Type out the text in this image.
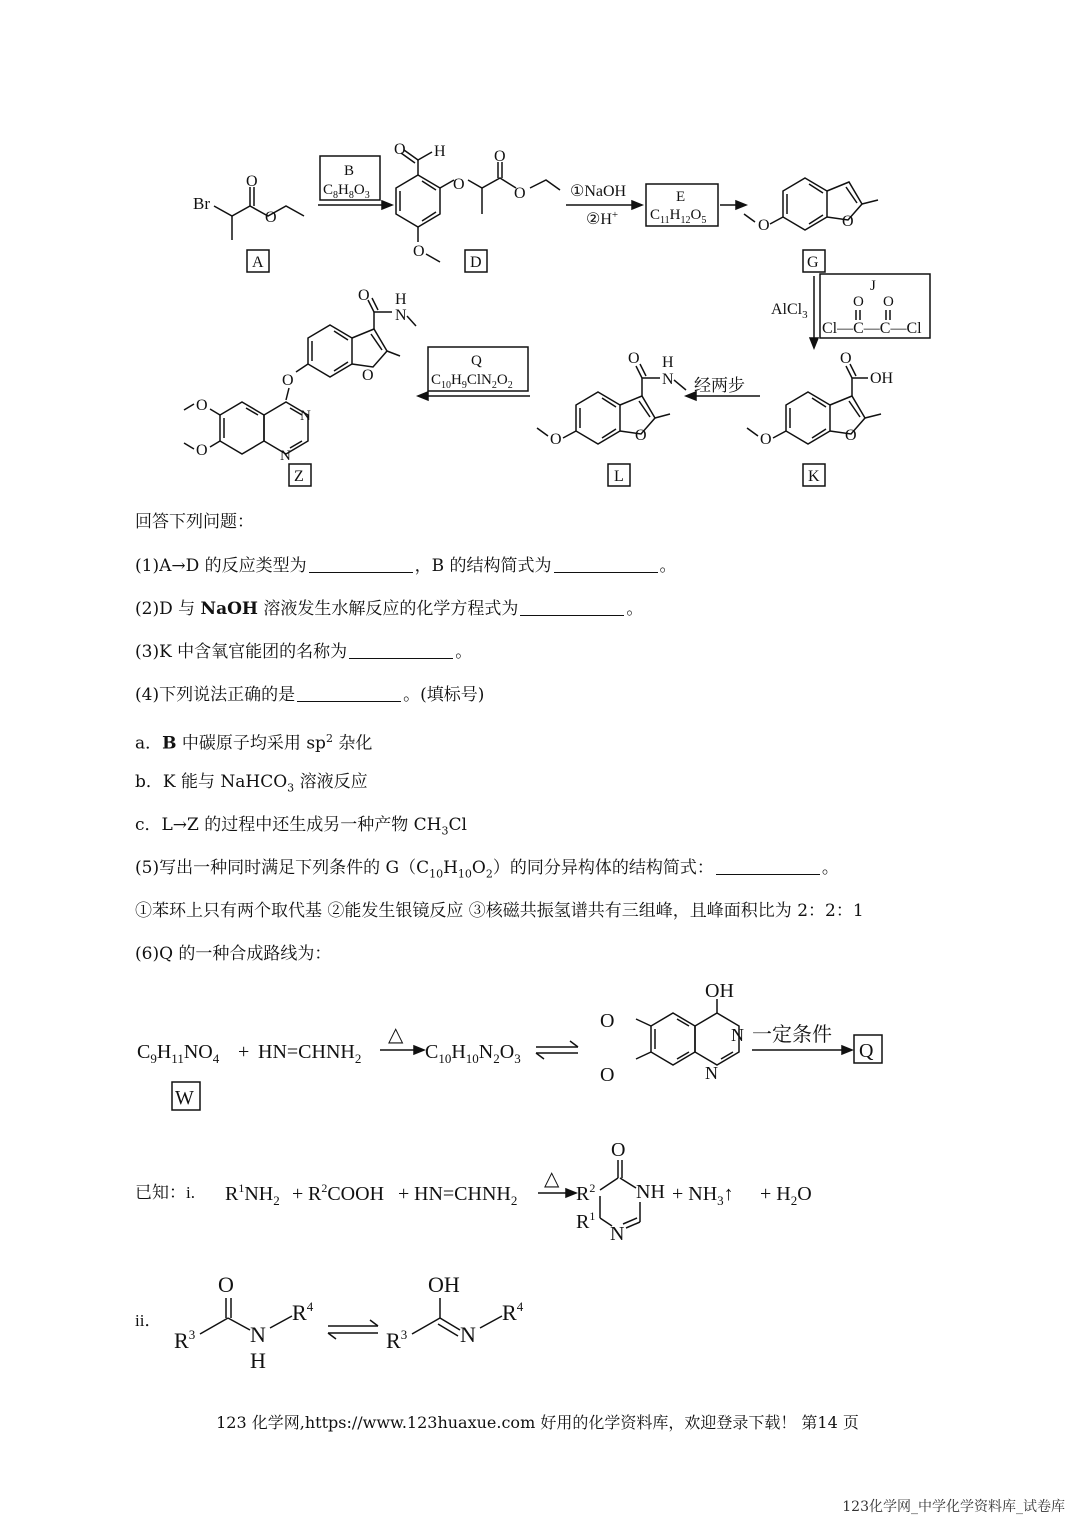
Br
O
O
A
B
$C_8H_8O_3$
O H
O
O
O
O
D
①NaOH
②H+
E
$C_{11}H_{12}O_5$	O
O
G
AlCl$_3$
J
O O
Cl—C—C—Cl
O
O
OH
O
K
经两步
O
O
N
H
O
L
Q
$C_{10}H_9ClN_2O_2$
O
O
N
H
O
N
N
O
O
Z
回答下列问题：
(1)A→D 的反应类型为	，B 的结构简式为	。
(2)D 与 NaOH 溶液发生水解反应的化学方程式为	。
(3)K 中含氧官能团的名称为	。
(4)下列说法正确的是	。(填标号)
a．B 中碳原子均采用 $sp^2$ 杂化
b．K 能与 NaHCO$_3$ 溶液反应
c．L→Z 的过程中还生成另一种产物 $CH_3Cl$
(5)写出一种同时满足下列条件的 $G(C_{10}H_{10}O_2)$的同分异构体的结构简式：	。
①苯环上只有两个取代基 ②能发生银镜反应 ③核磁共振氢谱共有三组峰，且峰面积比为 2：2：1
(6)Q 的一种合成路线为：
$C_9H_{11}NO_4$ + $HN=CHNH_2$
△
$C_{10}H_{10}N_2O_3$
OH
N
N
O
O
一定条件
Q
W
已知：i. $R^1NH_2$ + $R^2COOH$ + $HN=CHNH_2$
△
$R^2$
O
NH
N
$R^1$
+ $NH_3↑ + H_2O$
ii．
$R^3$
O
N
H
$R^4$
$R^3$
OH
N
$R^4$
123 化学网,https://www.123huaxue.com 好用的化学资料库，欢迎登录下载！ 第14 页
123化学网_中学化学资料库_试卷库
